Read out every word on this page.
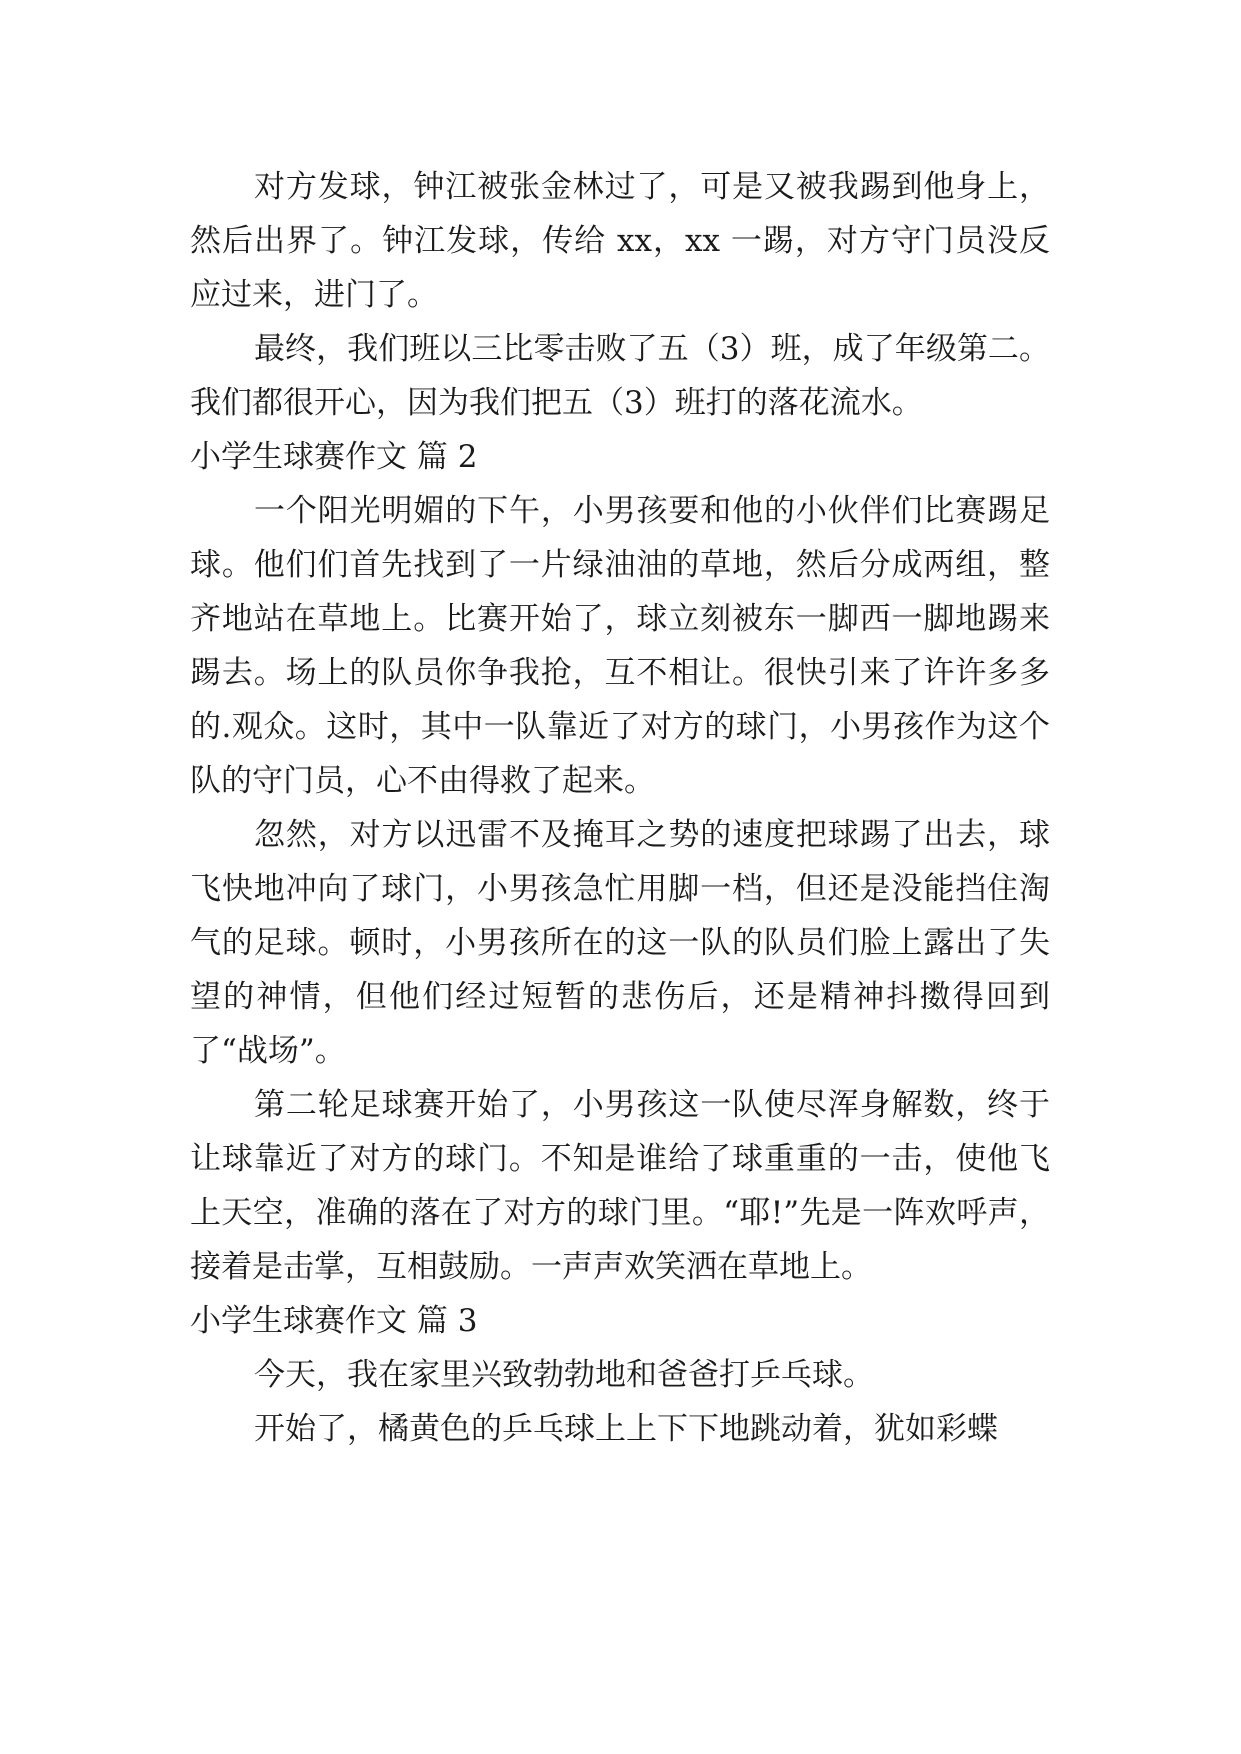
对方发球，钟江被张金林过了，可是又被我踢到他身上，然后出界了。钟江发球，传给 xx，xx 一踢，对方守门员没反应过来，进门了。

最终，我们班以三比零击败了五（3）班，成了年级第二。我们都很开心，因为我们把五（3）班打的落花流水。

小学生球赛作文 篇 2

一个阳光明媚的下午，小男孩要和他的小伙伴们比赛踢足球。他们们首先找到了一片绿油油的草地，然后分成两组，整齐地站在草地上。比赛开始了，球立刻被东一脚西一脚地踢来踢去。场上的队员你争我抢，互不相让。很快引来了许许多多的.观众。这时，其中一队靠近了对方的球门，小男孩作为这个队的守门员，心不由得救了起来。

忽然，对方以迅雷不及掩耳之势的速度把球踢了出去，球飞快地冲向了球门，小男孩急忙用脚一档，但还是没能挡住淘气的足球。顿时，小男孩所在的这一队的队员们脸上露出了失望的神情，但他们经过短暂的悲伤后，还是精神抖擞得回到了“战场”。

第二轮足球赛开始了，小男孩这一队使尽浑身解数，终于让球靠近了对方的球门。不知是谁给了球重重的一击，使他飞上天空，准确的落在了对方的球门里。“耶!”先是一阵欢呼声，接着是击掌，互相鼓励。一声声欢笑洒在草地上。

小学生球赛作文 篇 3

今天，我在家里兴致勃勃地和爸爸打乒乓球。

开始了，橘黄色的乒乓球上上下下地跳动着，犹如彩蝶
